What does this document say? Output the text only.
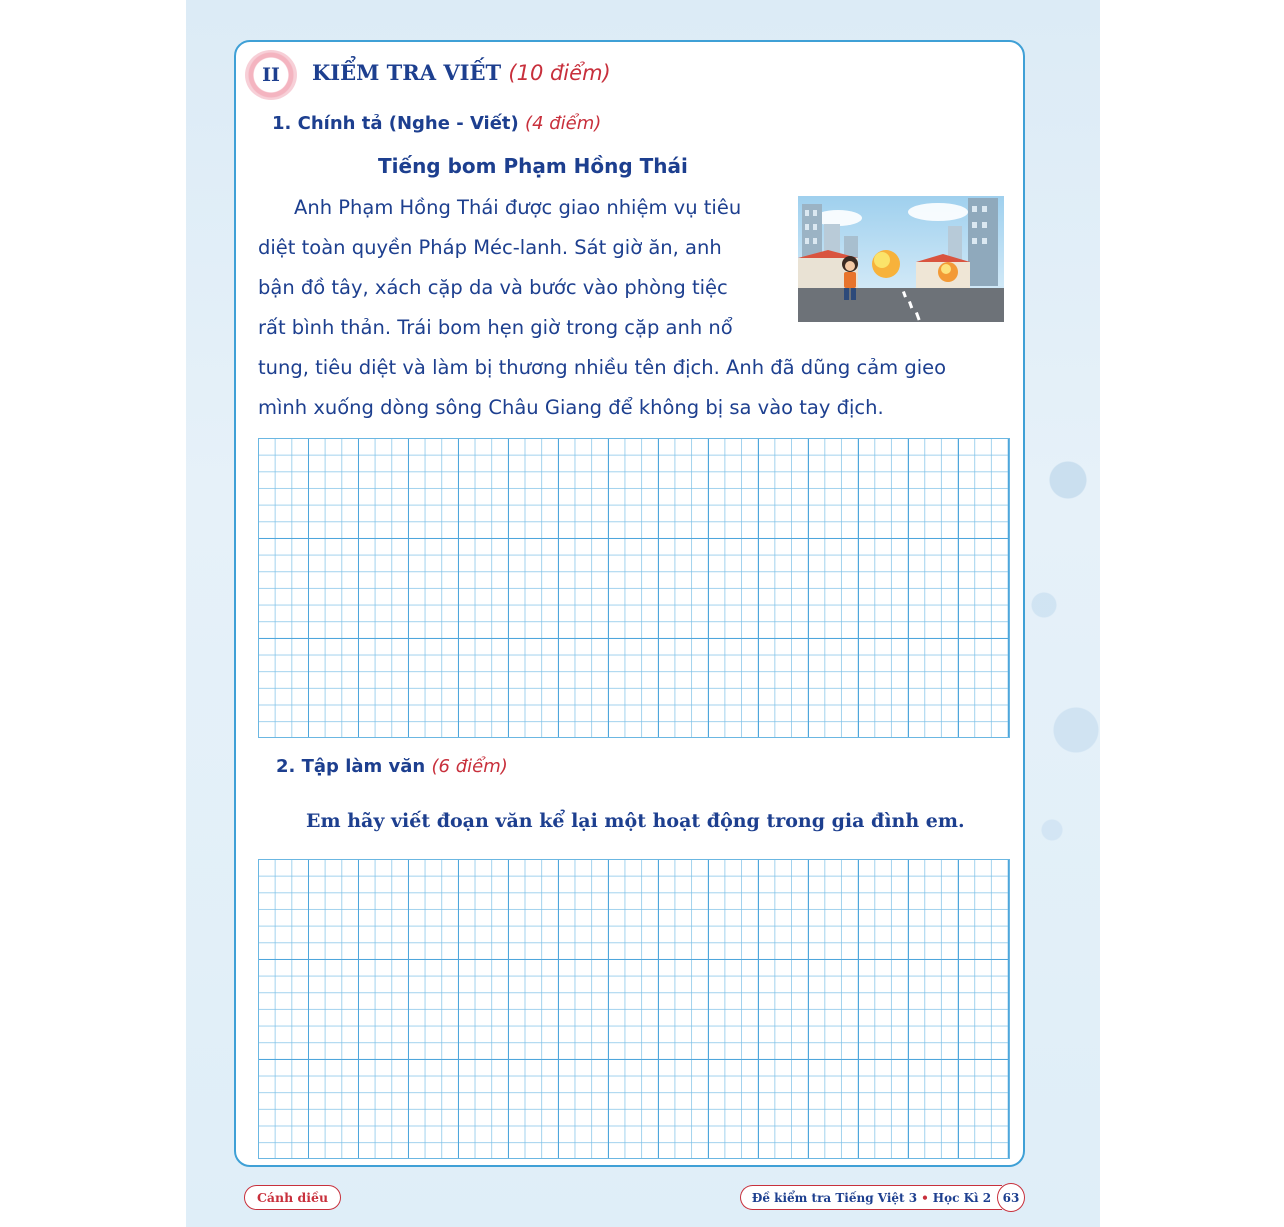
II KIỂM TRA VIẾT (10 điểm)
1. Chính tả (Nghe - Viết) (4 điểm)
Tiếng bom Phạm Hồng Thái
Anh Phạm Hồng Thái được giao nhiệm vụ tiêu
diệt toàn quyền Pháp Méc-lanh. Sát giờ ăn, anh
bận đồ tây, xách cặp da và bước vào phòng tiệc
rất bình thản. Trái bom hẹn giờ trong cặp anh nổ
tung, tiêu diệt và làm bị thương nhiều tên địch. Anh đã dũng cảm gieo
mình xuống dòng sông Châu Giang để không bị sa vào tay địch.
2. Tập làm văn (6 điểm)
Em hãy viết đoạn văn kể lại một hoạt động trong gia đình em.
Cánh diều	Đề kiểm tra Tiếng Việt 3 • Học Kì 2 63
